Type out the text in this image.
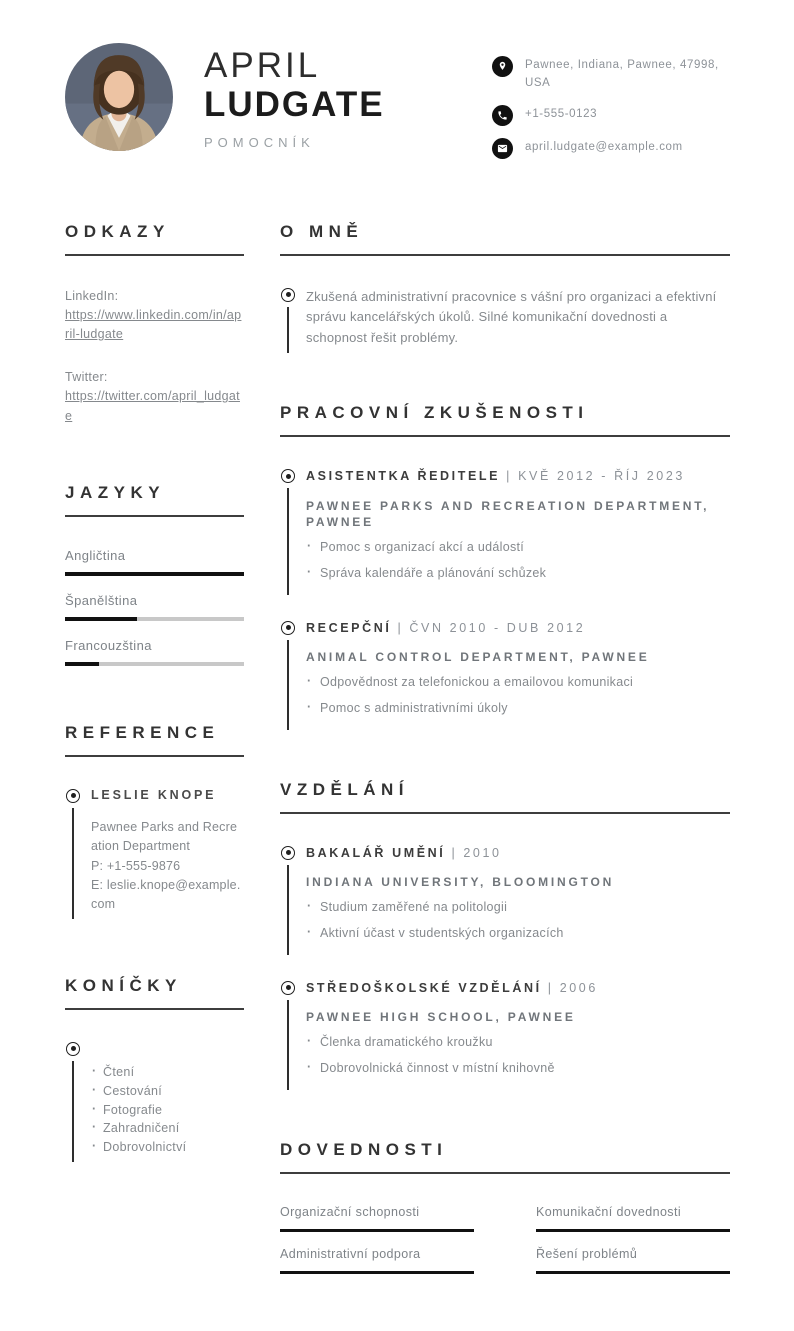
APRIL
LUDGATE
POMOCNÍK
Pawnee, Indiana, Pawnee, 47998, USA
+1-555-0123
april.ludgate@example.com
ODKAZY
LinkedIn:
https://www.linkedin.com/in/april-ludgate
Twitter:
https://twitter.com/april_ludgate
JAZYKY
Angličtina
Španělština
Francouzština
REFERENCE
LESLIE KNOPE
Pawnee Parks and Recreation Department
P: +1-555-9876
E: leslie.knope@example.com
KONÍČKY
· Čtení
· Cestování
· Fotografie
· Zahradničení
· Dobrovolnictví
O MNĚ
Zkušená administrativní pracovnice s vášní pro organizaci a efektivní správu kancelářských úkolů. Silné komunikační dovednosti a schopnost řešit problémy.
PRACOVNÍ ZKUŠENOSTI
ASISTENTKA ŘEDITELE | KVĚ 2012 - ŘÍJ 2023
PAWNEE PARKS AND RECREATION DEPARTMENT, PAWNEE
· Pomoc s organizací akcí a událostí
· Správa kalendáře a plánování schůzek
RECEPČNÍ | ČVN 2010 - DUB 2012
ANIMAL CONTROL DEPARTMENT, PAWNEE
· Odpovědnost za telefonickou a emailovou komunikaci
· Pomoc s administrativními úkoly
VZDĚLÁNÍ
BAKALÁŘ UMĚNÍ | 2010
INDIANA UNIVERSITY, BLOOMINGTON
· Studium zaměřené na politologii
· Aktivní účast v studentských organizacích
STŘEDOŠKOLSKÉ VZDĚLÁNÍ | 2006
PAWNEE HIGH SCHOOL, PAWNEE
· Členka dramatického kroužku
· Dobrovolnická činnost v místní knihovně
DOVEDNOSTI
Organizační schopnosti	Komunikační dovednosti
Administrativní podpora	Řešení problémů
